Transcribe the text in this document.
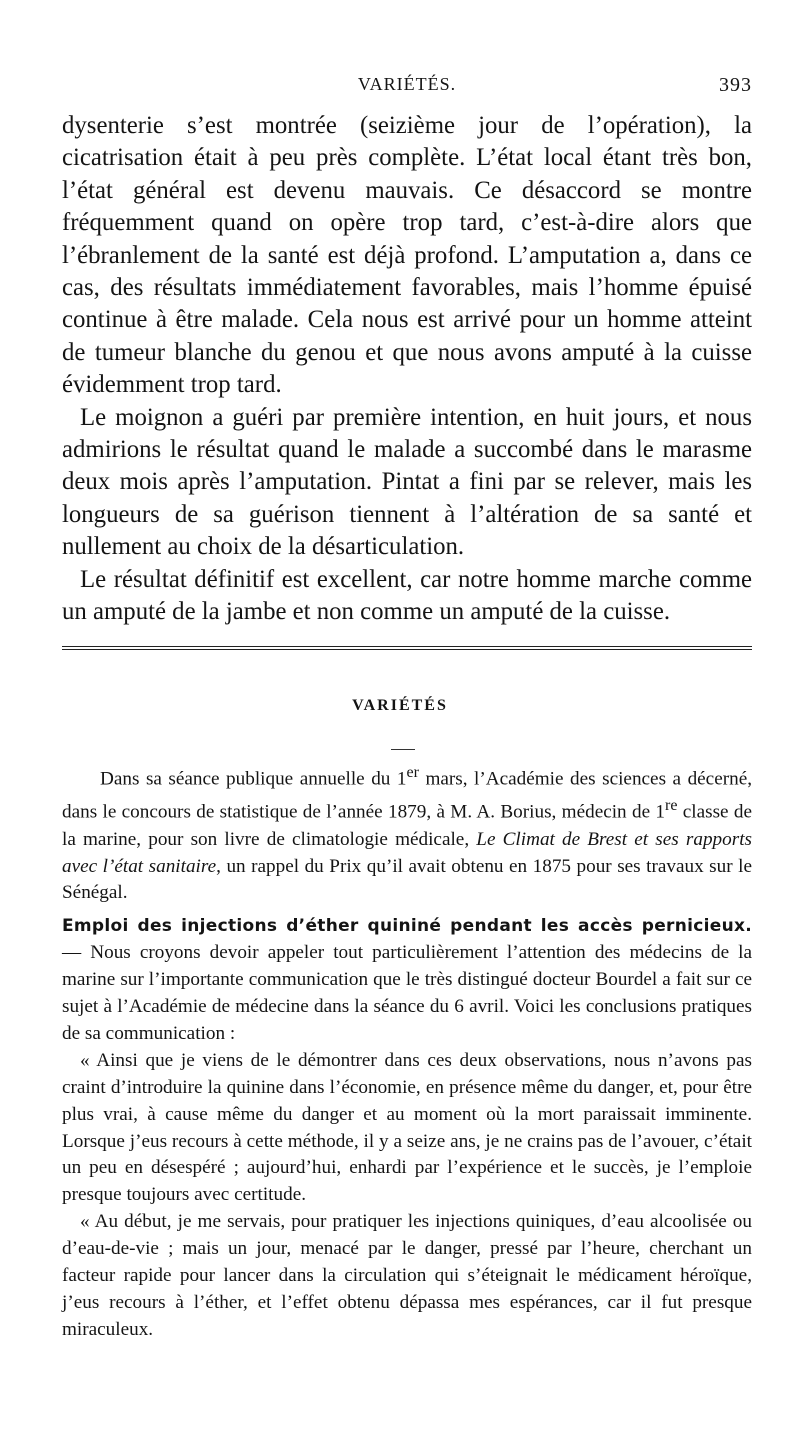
VARIÉTÉS.	393

dysenterie s’est montrée (seizième jour de l’opération), la cicatrisation était à peu près complète. L’état local étant très bon, l’état général est devenu mauvais. Ce désaccord se montre fréquemment quand on opère trop tard, c’est-à-dire alors que l’ébranlement de la santé est déjà profond. L’amputation a, dans ce cas, des résultats immédiatement favorables, mais l’homme épuisé continue à être malade. Cela nous est arrivé pour un homme atteint de tumeur blanche du genou et que nous avons amputé à la cuisse évidemment trop tard.

Le moignon a guéri par première intention, en huit jours, et nous admirions le résultat quand le malade a succombé dans le marasme deux mois après l’amputation. Pintat a fini par se relever, mais les longueurs de sa guérison tiennent à l’altération de sa santé et nullement au choix de la désarticulation.

Le résultat définitif est excellent, car notre homme marche comme un amputé de la jambe et non comme un amputé de la cuisse.

VARIÉTÉS

Dans sa séance publique annuelle du 1er mars, l’Académie des sciences a décerné, dans le concours de statistique de l’année 1879, à M. A. Borius, médecin de 1re classe de la marine, pour son livre de climatologie médicale, Le Climat de Brest et ses rapports avec l’état sanitaire, un rappel du Prix qu’il avait obtenu en 1875 pour ses travaux sur le Sénégal.

Emploi des injections d’éther quininé pendant les accès pernicieux. — Nous croyons devoir appeler tout particulièrement l’attention des médecins de la marine sur l’importante communication que le très distingué docteur Bourdel a fait sur ce sujet à l’Académie de médecine dans la séance du 6 avril. Voici les conclusions pratiques de sa communication :

« Ainsi que je viens de le démontrer dans ces deux observations, nous n’avons pas craint d’introduire la quinine dans l’économie, en présence même du danger, et, pour être plus vrai, à cause même du danger et au moment où la mort paraissait imminente. Lorsque j’eus recours à cette méthode, il y a seize ans, je ne crains pas de l’avouer, c’était un peu en désespéré ; aujourd’hui, enhardi par l’expérience et le succès, je l’emploie presque toujours avec certitude.

« Au début, je me servais, pour pratiquer les injections quiniques, d’eau alcoolisée ou d’eau-de-vie ; mais un jour, menacé par le danger, pressé par l’heure, cherchant un facteur rapide pour lancer dans la circulation qui s’éteignait le médicament héroïque, j’eus recours à l’éther, et l’effet obtenu dépassa mes espérances, car il fut presque miraculeux.
